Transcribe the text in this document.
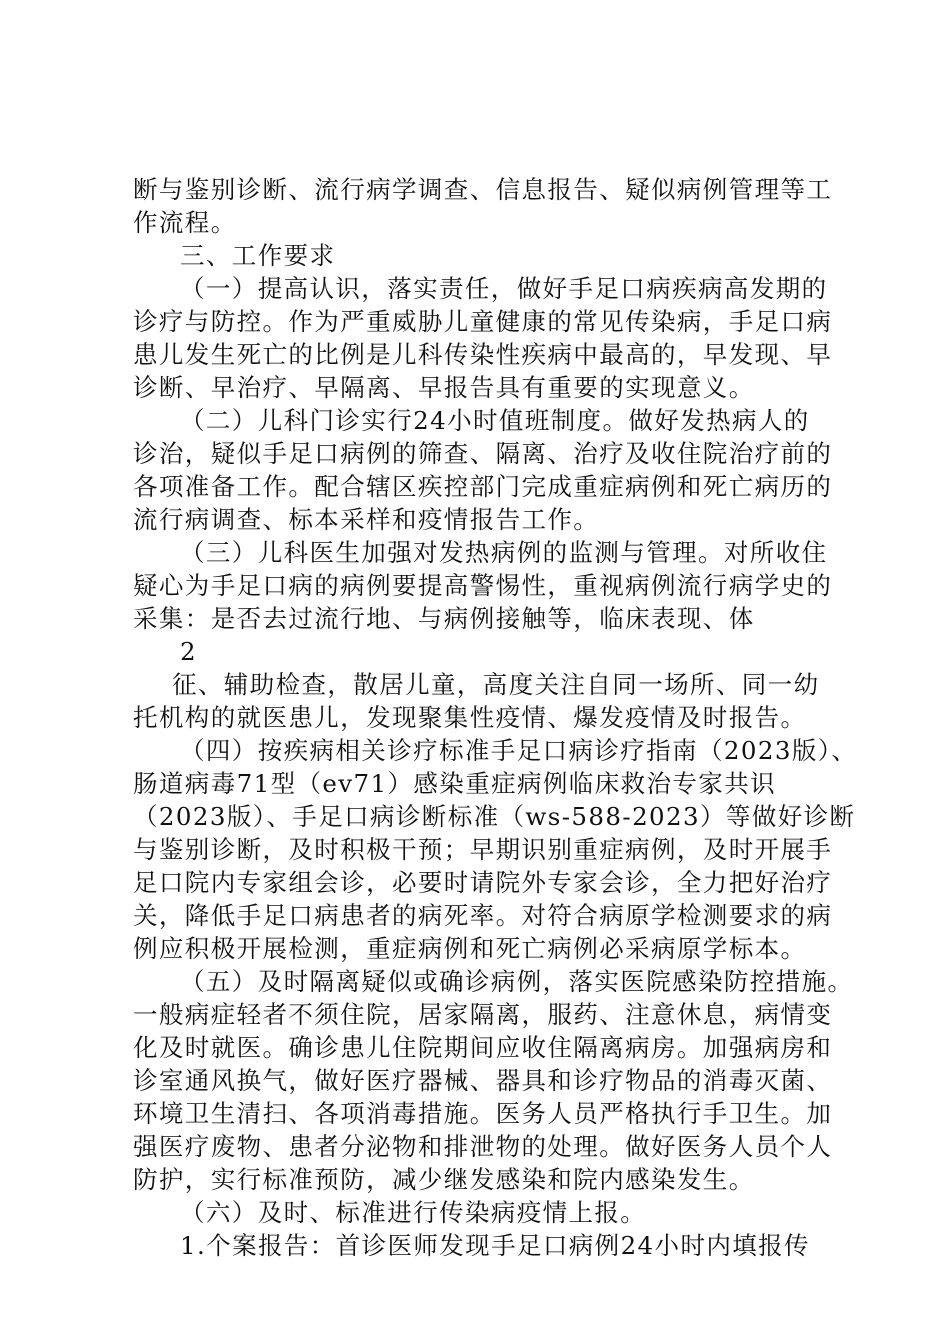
断与鉴别诊断、流行病学调查、信息报告、疑似病例管理等工
作流程。
三、工作要求
（一）提高认识，落实责任，做好手足口病疾病高发期的
诊疗与防控。作为严重威胁儿童健康的常见传染病，手足口病
患儿发生死亡的比例是儿科传染性疾病中最高的，早发现、早
诊断、早治疗、早隔离、早报告具有重要的实现意义。
（二）儿科门诊实行24小时值班制度。做好发热病人的
诊治，疑似手足口病例的筛查、隔离、治疗及收住院治疗前的
各项准备工作。配合辖区疾控部门完成重症病例和死亡病历的
流行病调查、标本采样和疫情报告工作。
（三）儿科医生加强对发热病例的监测与管理。对所收住
疑心为手足口病的病例要提高警惕性，重视病例流行病学史的
采集：是否去过流行地、与病例接触等，临床表现、体
2
征、辅助检查，散居儿童，高度关注自同一场所、同一幼
托机构的就医患儿，发现聚集性疫情、爆发疫情及时报告。
（四）按疾病相关诊疗标准手足口病诊疗指南（2023版）、
肠道病毒71型（ev71）感染重症病例临床救治专家共识
（2023版）、手足口病诊断标准（ws-588-2023）等做好诊断
与鉴别诊断，及时积极干预；早期识别重症病例，及时开展手
足口院内专家组会诊，必要时请院外专家会诊，全力把好治疗
关，降低手足口病患者的病死率。对符合病原学检测要求的病
例应积极开展检测，重症病例和死亡病例必采病原学标本。
（五）及时隔离疑似或确诊病例，落实医院感染防控措施。
一般病症轻者不须住院，居家隔离，服药、注意休息，病情变
化及时就医。确诊患儿住院期间应收住隔离病房。加强病房和
诊室通风换气，做好医疗器械、器具和诊疗物品的消毒灭菌、
环境卫生清扫、各项消毒措施。医务人员严格执行手卫生。加
强医疗废物、患者分泌物和排泄物的处理。做好医务人员个人
防护，实行标准预防，减少继发感染和院内感染发生。
（六）及时、标准进行传染病疫情上报。
1.个案报告：首诊医师发现手足口病例24小时内填报传
